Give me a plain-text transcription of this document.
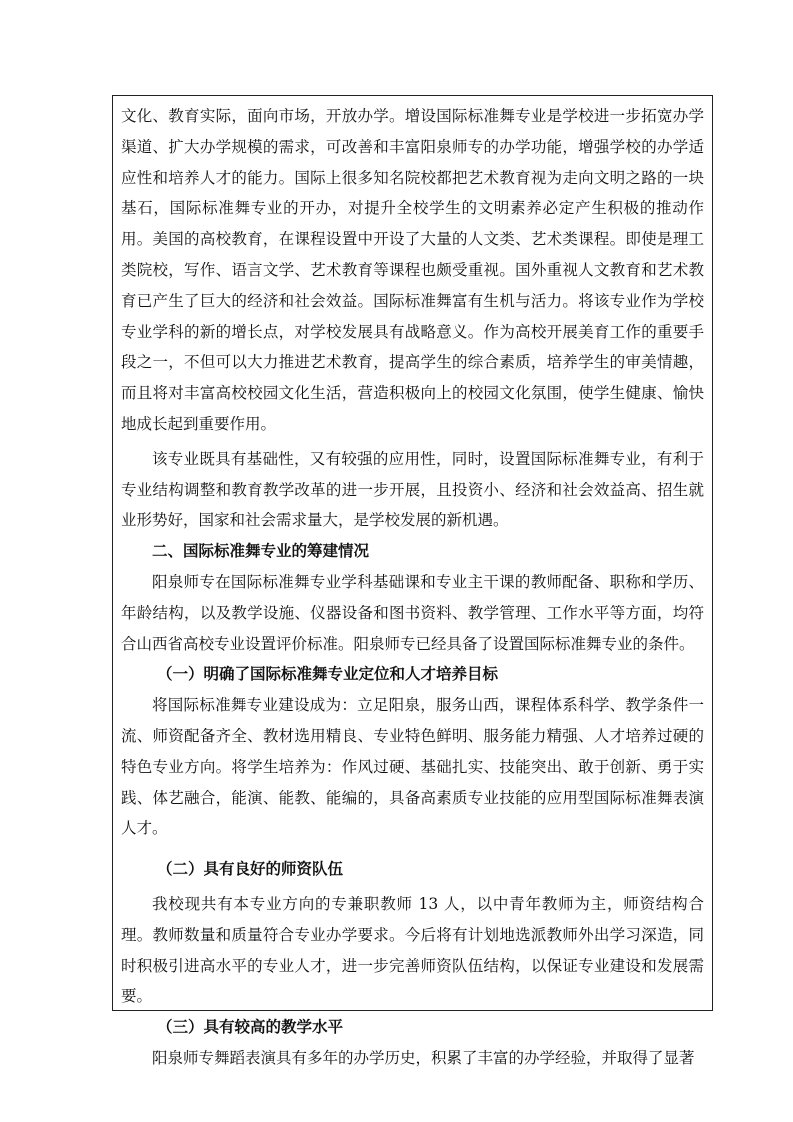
文化、教育实际，面向市场，开放办学。增设国际标准舞专业是学校进一步拓宽办学渠道、扩大办学规模的需求，可改善和丰富阳泉师专的办学功能，增强学校的办学适应性和培养人才的能力。国际上很多知名院校都把艺术教育视为走向文明之路的一块基石，国际标准舞专业的开办，对提升全校学生的文明素养必定产生积极的推动作用。美国的高校教育，在课程设置中开设了大量的人文类、艺术类课程。即使是理工类院校，写作、语言文学、艺术教育等课程也颇受重视。国外重视人文教育和艺术教育已产生了巨大的经济和社会效益。国际标准舞富有生机与活力。将该专业作为学校专业学科的新的增长点，对学校发展具有战略意义。作为高校开展美育工作的重要手段之一，不但可以大力推进艺术教育，提高学生的综合素质，培养学生的审美情趣，而且将对丰富高校校园文化生活，营造积极向上的校园文化氛围，使学生健康、愉快地成长起到重要作用。

该专业既具有基础性，又有较强的应用性，同时，设置国际标准舞专业，有利于专业结构调整和教育教学改革的进一步开展，且投资小、经济和社会效益高、招生就业形势好，国家和社会需求量大，是学校发展的新机遇。

二、国际标准舞专业的筹建情况

阳泉师专在国际标准舞专业学科基础课和专业主干课的教师配备、职称和学历、年龄结构，以及教学设施、仪器设备和图书资料、教学管理、工作水平等方面，均符合山西省高校专业设置评价标准。阳泉师专已经具备了设置国际标准舞专业的条件。

（一）明确了国际标准舞专业定位和人才培养目标

将国际标准舞专业建设成为：立足阳泉，服务山西，课程体系科学、教学条件一流、师资配备齐全、教材选用精良、专业特色鲜明、服务能力精强、人才培养过硬的特色专业方向。将学生培养为：作风过硬、基础扎实、技能突出、敢于创新、勇于实践、体艺融合，能演、能教、能编的，具备高素质专业技能的应用型国际标准舞表演人才。

（二）具有良好的师资队伍

我校现共有本专业方向的专兼职教师 13 人，以中青年教师为主，师资结构合理。教师数量和质量符合专业办学要求。今后将有计划地选派教师外出学习深造，同时积极引进高水平的专业人才，进一步完善师资队伍结构，以保证专业建设和发展需要。

（三）具有较高的教学水平

阳泉师专舞蹈表演具有多年的办学历史，积累了丰富的办学经验，并取得了显著
